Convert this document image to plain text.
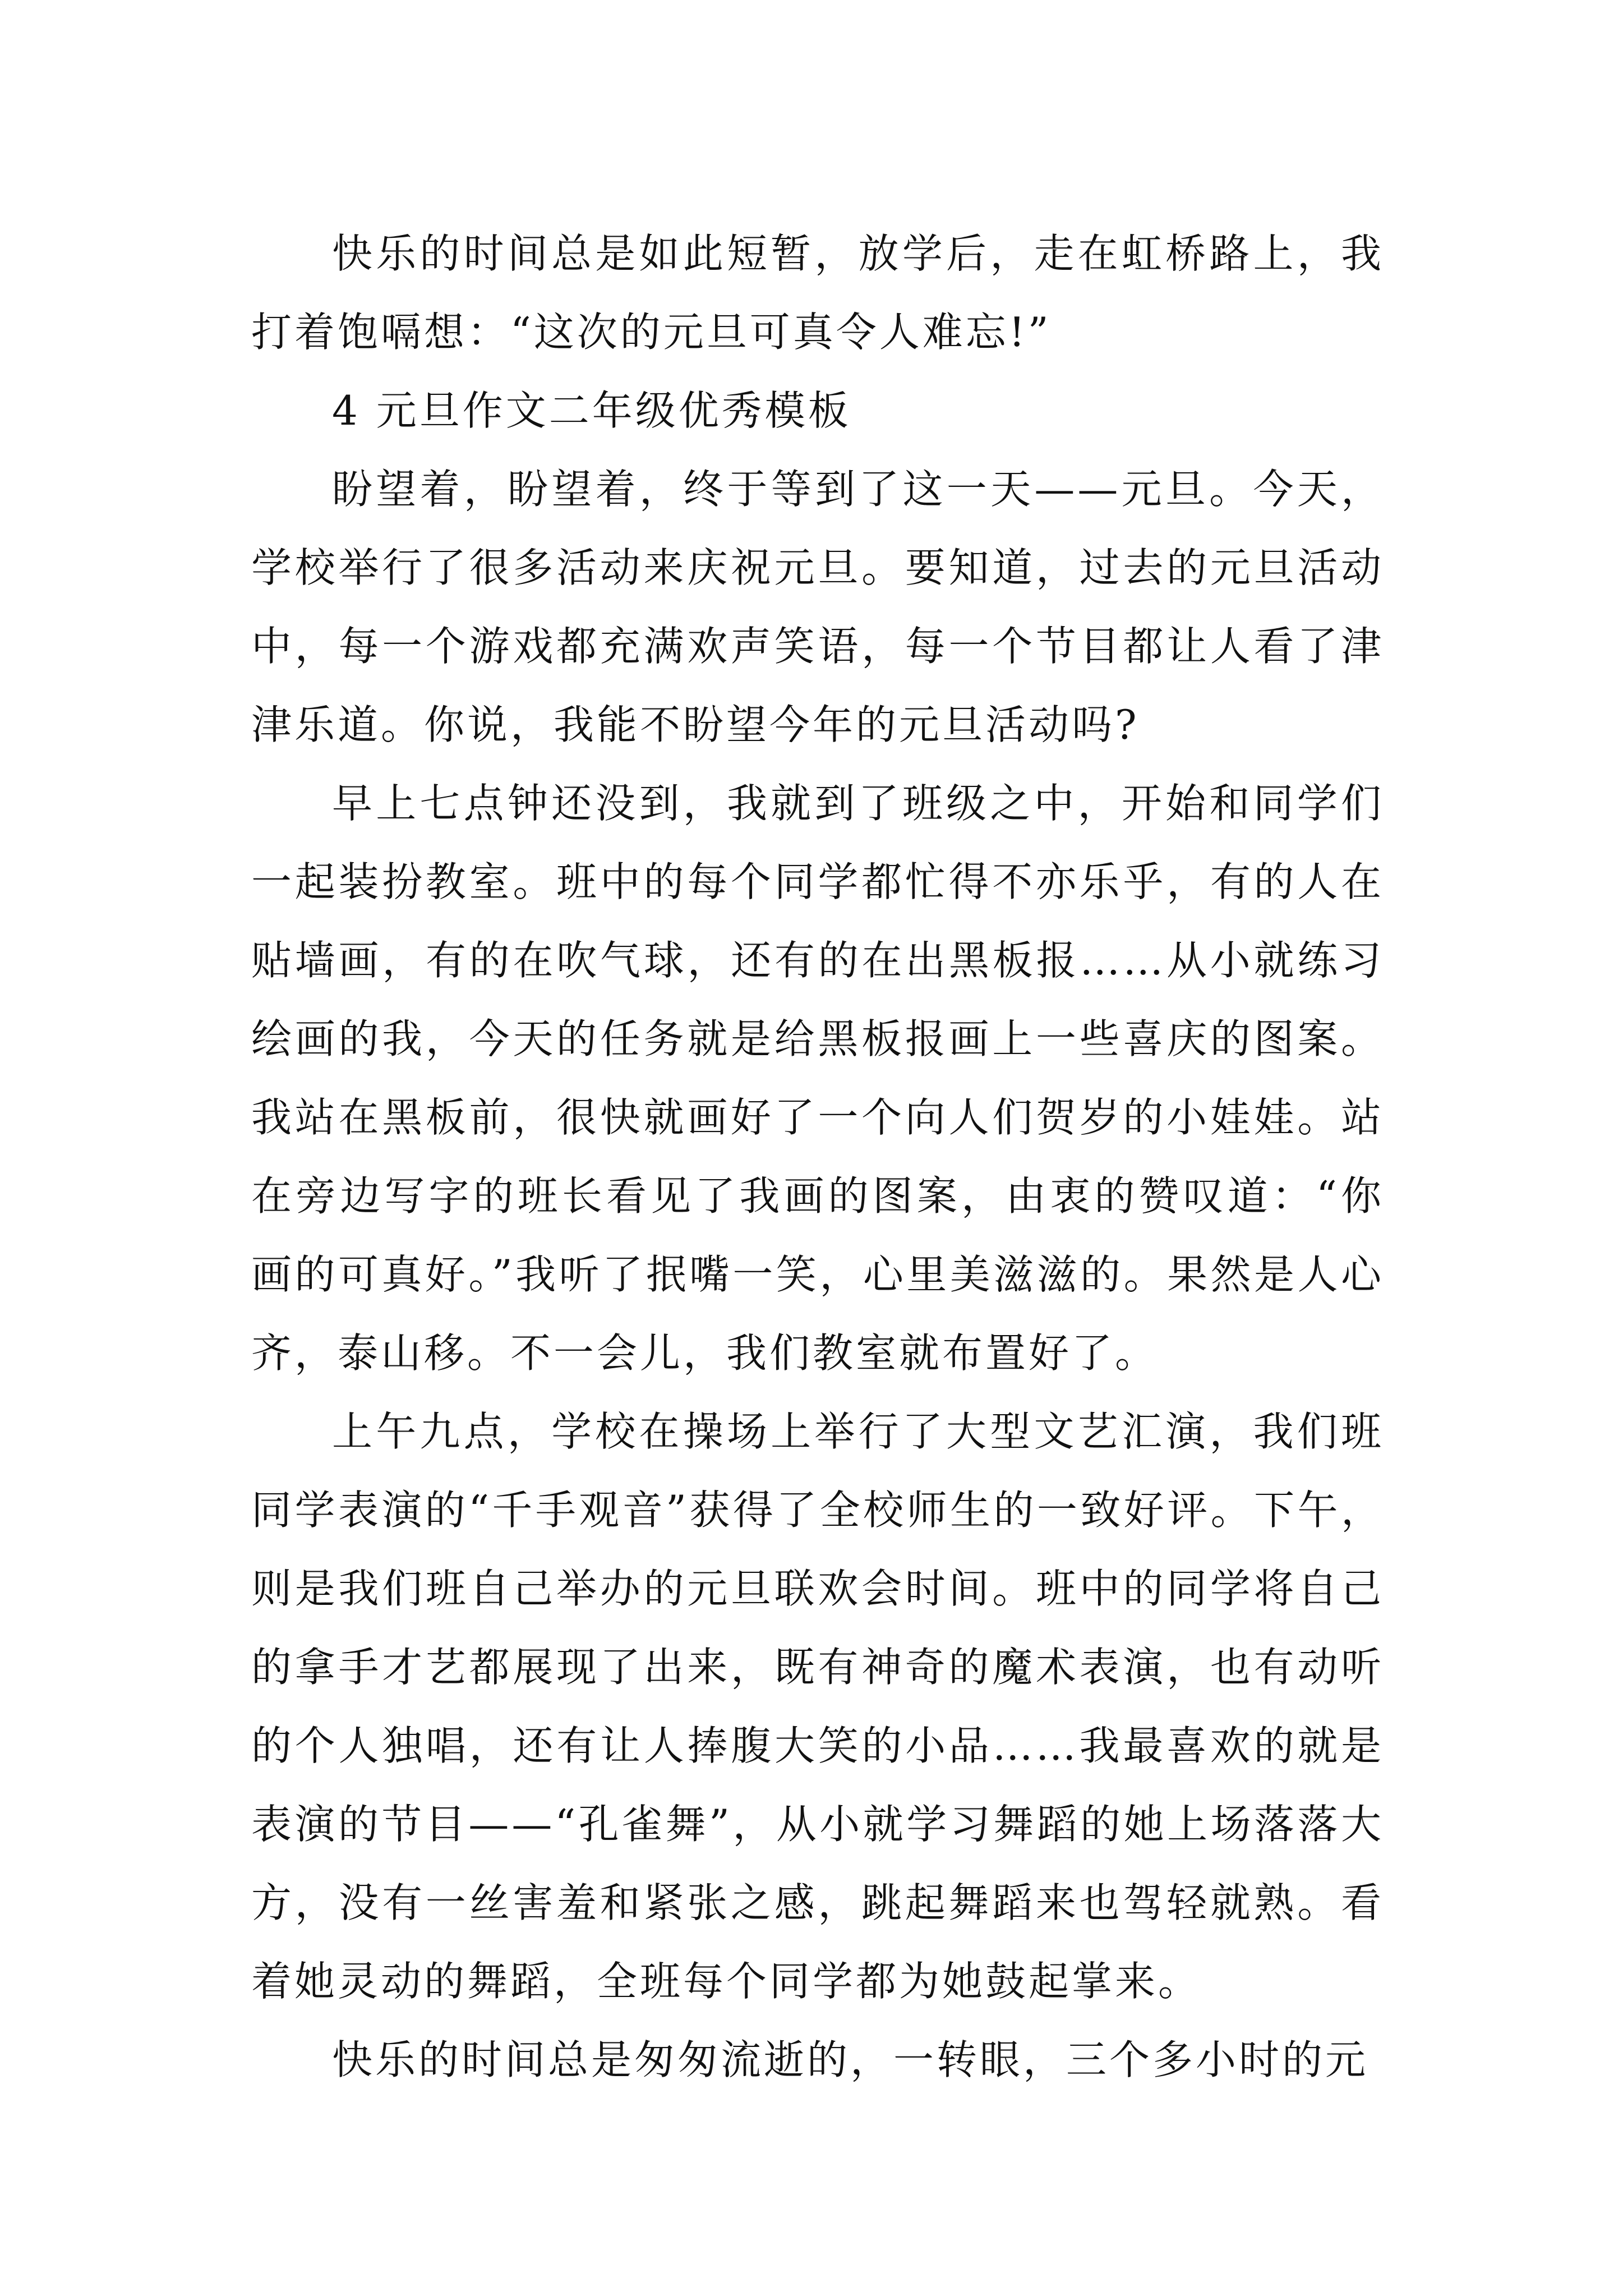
快乐的时间总是如此短暂，放学后，走在虹桥路上，我打着饱嗝想：“这次的元旦可真令人难忘!”

4 元旦作文二年级优秀模板

盼望着，盼望着，终于等到了这一天——元旦。今天，学校举行了很多活动来庆祝元旦。要知道，过去的元旦活动中，每一个游戏都充满欢声笑语，每一个节目都让人看了津津乐道。你说，我能不盼望今年的元旦活动吗?

早上七点钟还没到，我就到了班级之中，开始和同学们一起装扮教室。班中的每个同学都忙得不亦乐乎，有的人在贴墙画，有的在吹气球，还有的在出黑板报……从小就练习绘画的我，今天的任务就是给黑板报画上一些喜庆的图案。我站在黑板前，很快就画好了一个向人们贺岁的小娃娃。站在旁边写字的班长看见了我画的图案，由衷的赞叹道：“你画的可真好。”我听了抿嘴一笑，心里美滋滋的。果然是人心齐，泰山移。不一会儿，我们教室就布置好了。

上午九点，学校在操场上举行了大型文艺汇演，我们班同学表演的“千手观音”获得了全校师生的一致好评。下午，则是我们班自己举办的元旦联欢会时间。班中的同学将自己的拿手才艺都展现了出来，既有神奇的魔术表演，也有动听的个人独唱，还有让人捧腹大笑的小品……我最喜欢的就是表演的节目——“孔雀舞”，从小就学习舞蹈的她上场落落大方，没有一丝害羞和紧张之感，跳起舞蹈来也驾轻就熟。看着她灵动的舞蹈，全班每个同学都为她鼓起掌来。

快乐的时间总是匆匆流逝的，一转眼，三个多小时的元
